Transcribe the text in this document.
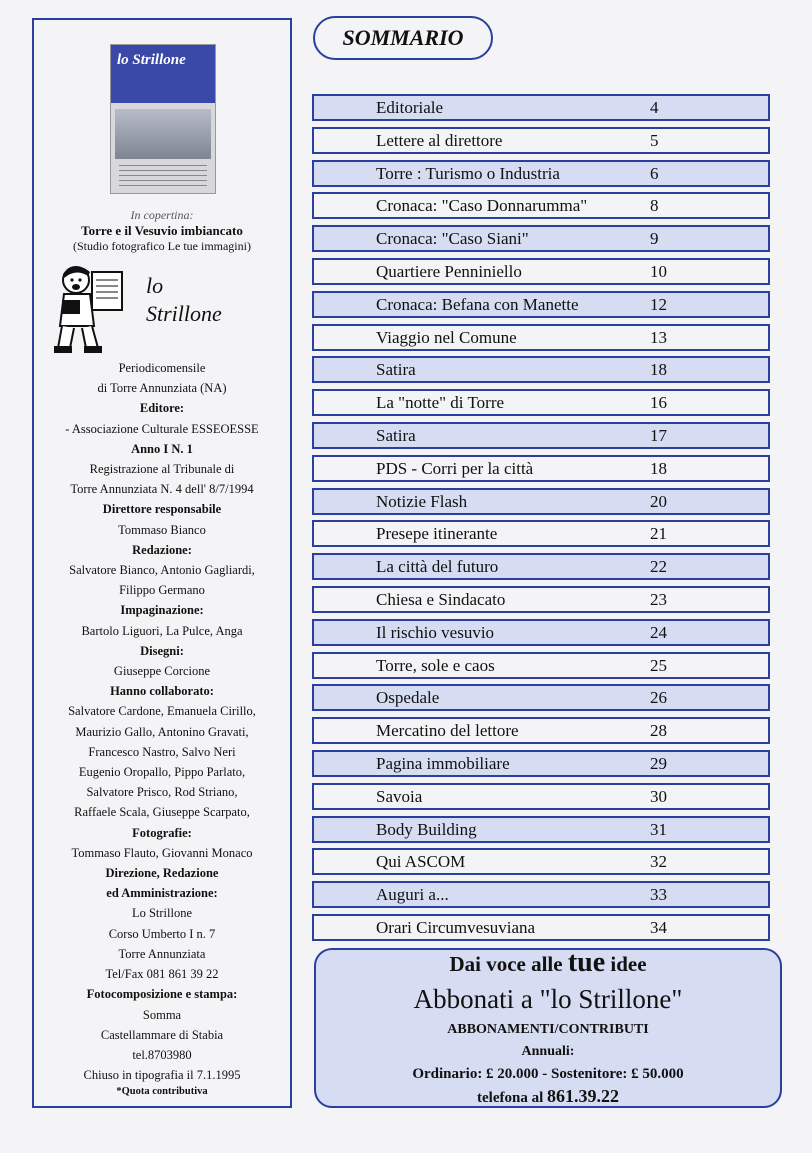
lo Strillone
In copertina:
Torre e il Vesuvio imbiancato
(Studio fotografico Le tue immagini)
lo
Strillone
Periodicomensile
di Torre Annunziata (NA)
Editore:
- Associazione Culturale ESSEOESSE
Anno I N. 1
Registrazione al Tribunale di
Torre Annunziata N. 4 dell' 8/7/1994
Direttore responsabile
Tommaso Bianco
Redazione:
Salvatore Bianco, Antonio Gagliardi,
Filippo Germano
Impaginazione:
Bartolo Liguori, La Pulce, Anga
Disegni:
Giuseppe Corcione
Hanno collaborato:
Salvatore Cardone, Emanuela Cirillo,
Maurizio Gallo, Antonino Gravati,
Francesco Nastro, Salvo Neri
Eugenio Oropallo, Pippo Parlato,
Salvatore Prisco, Rod Striano,
Raffaele Scala, Giuseppe Scarpato,
Fotografie:
Tommaso Flauto, Giovanni Monaco
Direzione, Redazione
ed Amministrazione:
Lo Strillone
Corso Umberto I n. 7
Torre Annunziata
Tel/Fax 081 861 39 22
Fotocomposizione e stampa:
Somma
Castellammare di Stabia
tel.8703980
Chiuso in tipografia il 7.1.1995
*Quota contributiva
SOMMARIO
Editoriale	4
Lettere al direttore	5
Torre : Turismo o Industria	6
Cronaca: "Caso Donnarumma"	8
Cronaca: "Caso Siani"	9
Quartiere Penniniello	10
Cronaca: Befana con Manette	12
Viaggio nel Comune	13
Satira	18
La "notte" di Torre	16
Satira	17
PDS - Corri per la città	18
Notizie Flash	20
Presepe itinerante	21
La città del futuro	22
Chiesa e Sindacato	23
Il rischio vesuvio	24
Torre, sole e caos	25
Ospedale	26
Mercatino del lettore	28
Pagina immobiliare	29
Savoia	30
Body Building	31
Qui ASCOM	32
Auguri a...	33
Orari Circumvesuviana	34
Dai voce alle tue idee
Abbonati a "lo Strillone"
ABBONAMENTI/CONTRIBUTI
Annuali:
Ordinario: £ 20.000 - Sostenitore: £ 50.000
telefona al 861.39.22
